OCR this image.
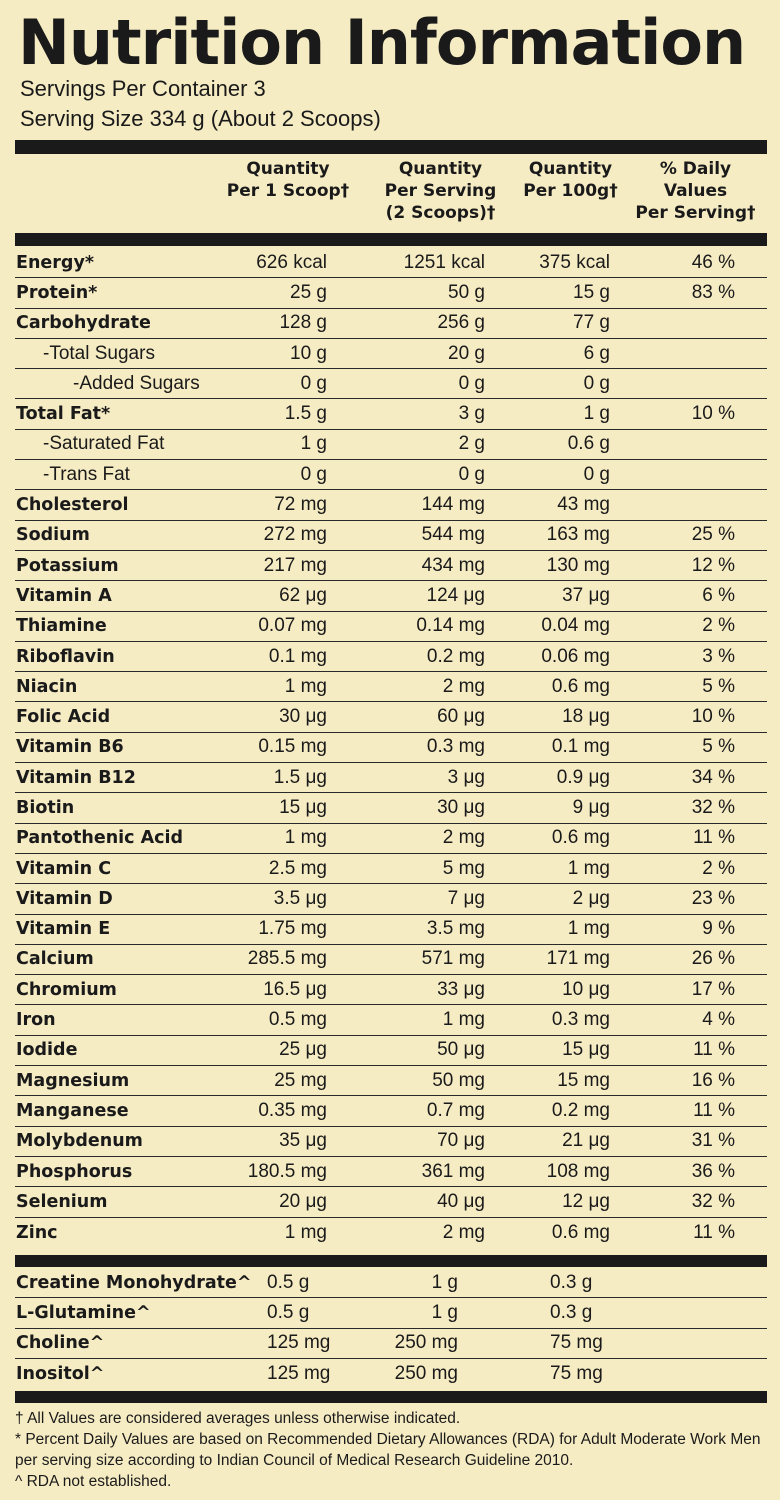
Nutrition Information
Servings Per Container 3
Serving Size 334 g (About 2 Scoops)
Quantity
Per 1 Scoop†
Quantity
Per Serving
(2 Scoops)†
Quantity
Per 100g†
% Daily
Values
Per Serving†
Energy*	626 kcal	1251 kcal	375 kcal	46 %
Protein*	25 g	50 g	15 g	83 %
Carbohydrate	128 g	256 g	77 g
-Total Sugars	10 g	20 g	6 g
-Added Sugars	0 g	0 g	0 g
Total Fat*	1.5 g	3 g	1 g	10 %
-Saturated Fat	1 g	2 g	0.6 g
-Trans Fat	0 g	0 g	0 g
Cholesterol	72 mg	144 mg	43 mg
Sodium	272 mg	544 mg	163 mg	25 %
Potassium	217 mg	434 mg	130 mg	12 %
Vitamin A	62 μg	124 μg	37 μg	6 %
Thiamine	0.07 mg	0.14 mg	0.04 mg	2 %
Riboflavin	0.1 mg	0.2 mg	0.06 mg	3 %
Niacin	1 mg	2 mg	0.6 mg	5 %
Folic Acid	30 μg	60 μg	18 μg	10 %
Vitamin B6	0.15 mg	0.3 mg	0.1 mg	5 %
Vitamin B12	1.5 μg	3 μg	0.9 μg	34 %
Biotin	15 μg	30 μg	9 μg	32 %
Pantothenic Acid	1 mg	2 mg	0.6 mg	11 %
Vitamin C	2.5 mg	5 mg	1 mg	2 %
Vitamin D	3.5 μg	7 μg	2 μg	23 %
Vitamin E	1.75 mg	3.5 mg	1 mg	9 %
Calcium	285.5 mg	571 mg	171 mg	26 %
Chromium	16.5 μg	33 μg	10 μg	17 %
Iron	0.5 mg	1 mg	0.3 mg	4 %
Iodide	25 μg	50 μg	15 μg	11 %
Magnesium	25 mg	50 mg	15 mg	16 %
Manganese	0.35 mg	0.7 mg	0.2 mg	11 %
Molybdenum	35 μg	70 μg	21 μg	31 %
Phosphorus	180.5 mg	361 mg	108 mg	36 %
Selenium	20 μg	40 μg	12 μg	32 %
Zinc	1 mg	2 mg	0.6 mg	11 %
Creatine Monohydrate^ 0.5 g	1 g	0.3 g
L-Glutamine^	0.5 g	1 g	0.3 g
Choline^	125 mg	250 mg	75 mg
Inositol^	125 mg	250 mg	75 mg

† All Values are considered averages unless otherwise indicated.

* Percent Daily Values are based on Recommended Dietary Allowances (RDA) for Adult Moderate Work Men per serving size according to Indian Council of Medical Research Guideline 2010.

^ RDA not established.
